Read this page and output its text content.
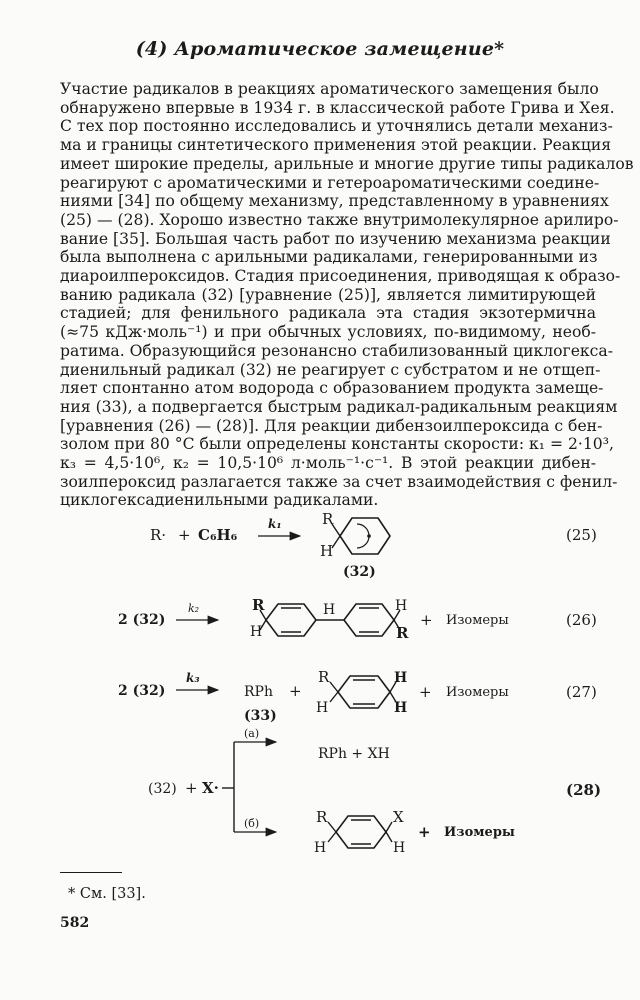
(4) Ароматическое замещение*
Участие радикалов в реакциях ароматического замещения было
обнаружено впервые в 1934 г. в классической работе Грива и Хея.
С тех пор постоянно исследовались и уточнялись детали механиз-
ма и границы синтетического применения этой реакции. Реакция
имеет широкие пределы, арильные и многие другие типы радикалов
реагируют с ароматическими и гетероароматическими соедине-
ниями [34] по общему механизму, представленному в уравнениях
(25) — (28). Хорошо известно также внутримолекулярное арилиро-
вание [35]. Большая часть работ по изучению механизма реакции
была выполнена с арильными радикалами, генерированными из
диароилпероксидов. Стадия присоединения, приводящая к образо-
ванию радикала (32) [уравнение (25)], является лимитирующей
стадией; для фенильного радикала эта стадия экзотермична
(≈75 кДж·моль⁻¹) и при обычных условиях, по-видимому, необ-
ратима. Образующийся резонансно стабилизованный циклогекса-
диенильный радикал (32) не реагирует с субстратом и не отщеп-
ляет спонтанно атом водорода с образованием продукта замеще-
ния (33), а подвергается быстрым радикал-радикальным реакциям
[уравнения (26) — (28)]. Для реакции дибензоилпероксида с бен-
золом при 80 °С были определены константы скорости: к₁ = 2·10³,
к₃ = 4,5·10⁶, к₂ = 10,5·10⁶ л·моль⁻¹·с⁻¹. В этой реакции дибен-
зоилпероксид разлагается также за счет взаимодействия с фенил-
циклогексадиенильными радикалами.
R· + C₆H₆
k₁	R
H
(32)
(25)
2 (32)
k₂	R
H
H	H
R
+ Изомеры	(26)
2 (32)
k₃
RPh
(33)
+
R
H
H
H
+ Изомеры	(27)
(32) + X·
(а)
(б)
RPh + XH
R
H
X
H
+ Изомеры
(28)
* См. [33].
582
